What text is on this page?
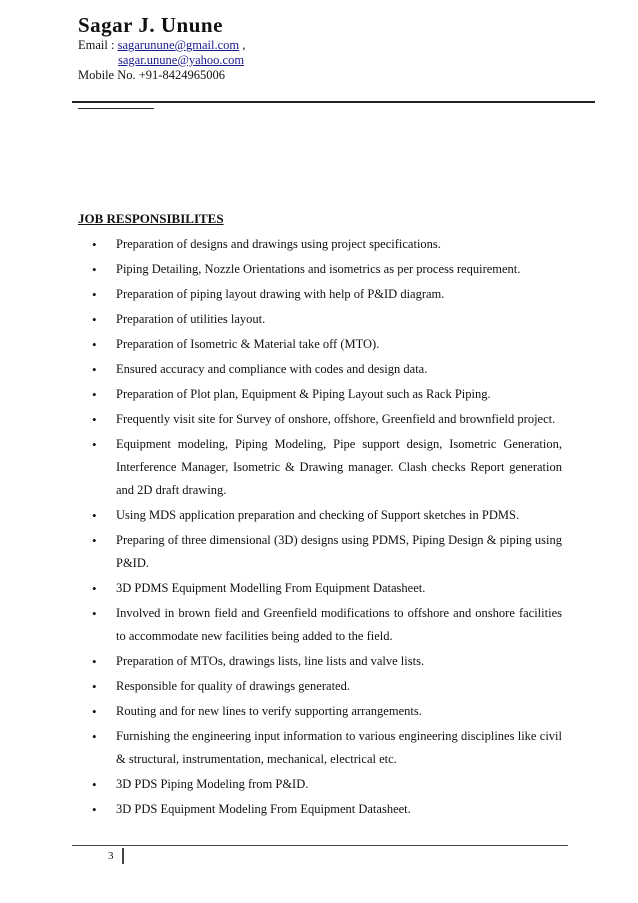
Sagar J. Unune
Email : sagarunune@gmail.com ,
sagar.unune@yahoo.com
Mobile No. +91-8424965006
JOB RESPONSIBILITES
• Preparation of designs and drawings using project specifications.
• Piping Detailing, Nozzle Orientations and isometrics as per process requirement.
• Preparation of piping layout drawing with help of P&ID diagram.
• Preparation of utilities layout.
• Preparation of Isometric & Material take off (MTO).
• Ensured accuracy and compliance with codes and design data.
• Preparation of Plot plan, Equipment & Piping Layout such as Rack Piping.
• Frequently visit site for Survey of onshore, offshore, Greenfield and brownfield project.
• Equipment modeling, Piping Modeling, Pipe support design, Isometric Generation, Interference Manager, Isometric & Drawing manager. Clash checks Report generation and 2D draft drawing.
• Using MDS application preparation and checking of Support sketches in PDMS.
• Preparing of three dimensional (3D) designs using PDMS, Piping Design & piping using P&ID.
• 3D PDMS Equipment Modelling From Equipment Datasheet.
• Involved in brown field and Greenfield modifications to offshore and onshore facilities to accommodate new facilities being added to the field.
• Preparation of MTOs, drawings lists, line lists and valve lists.
• Responsible for quality of drawings generated.
• Routing and for new lines to verify supporting arrangements.
• Furnishing the engineering input information to various engineering disciplines like civil & structural, instrumentation, mechanical, electrical etc.
• 3D PDS Piping Modeling from P&ID.
• 3D PDS Equipment Modeling From Equipment Datasheet.
3
